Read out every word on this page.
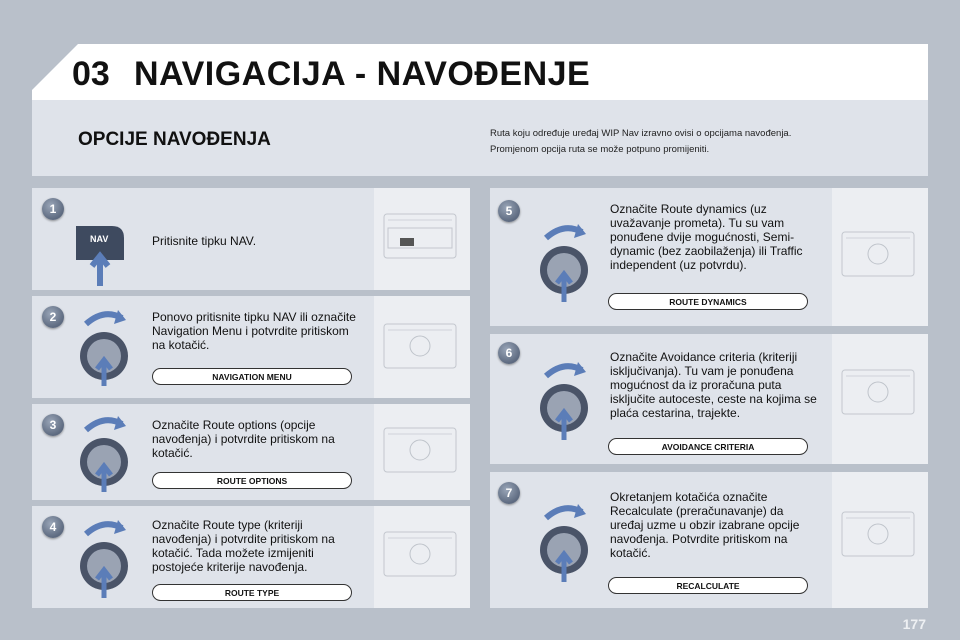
03 NAVIGACIJA - NAVOĐENJE
OPCIJE NAVOĐENJA	Ruta koju određuje uređaj WIP Nav izravno ovisi o opcijama navođenja.
Promjenom opcija ruta se može potpuno promijeniti.
1
NAV	Pritisnite tipku NAV.
2	Ponovo pritisnite tipku NAV ili označite Navigation Menu i potvrdite pritiskom na kotačić.
NAVIGATION MENU
3	Označite Route options (opcije navođenja) i potvrdite pritiskom na kotačić.
ROUTE OPTIONS
4	Označite Route type (kriteriji navođenja) i potvrdite pritiskom na kotačić. Tada možete izmijeniti postojeće kriterije navođenja.
ROUTE TYPE
5	Označite Route dynamics (uz uvažavanje prometa). Tu su vam ponuđene dvije mogućnosti, Semi-dynamic (bez zaobilaženja) ili Traffic independent (uz potvrdu).
ROUTE DYNAMICS
6	Označite Avoidance criteria (kriteriji isključivanja). Tu vam je ponuđena mogućnost da iz proračuna puta isključite autoceste, ceste na kojima se plaća cestarina, trajekte.
AVOIDANCE CRITERIA
7	Okretanjem kotačića označite Recalculate (preračunavanje) da uređaj uzme u obzir izabrane opcije navođenja. Potvrdite pritiskom na kotačić.
RECALCULATE
177
